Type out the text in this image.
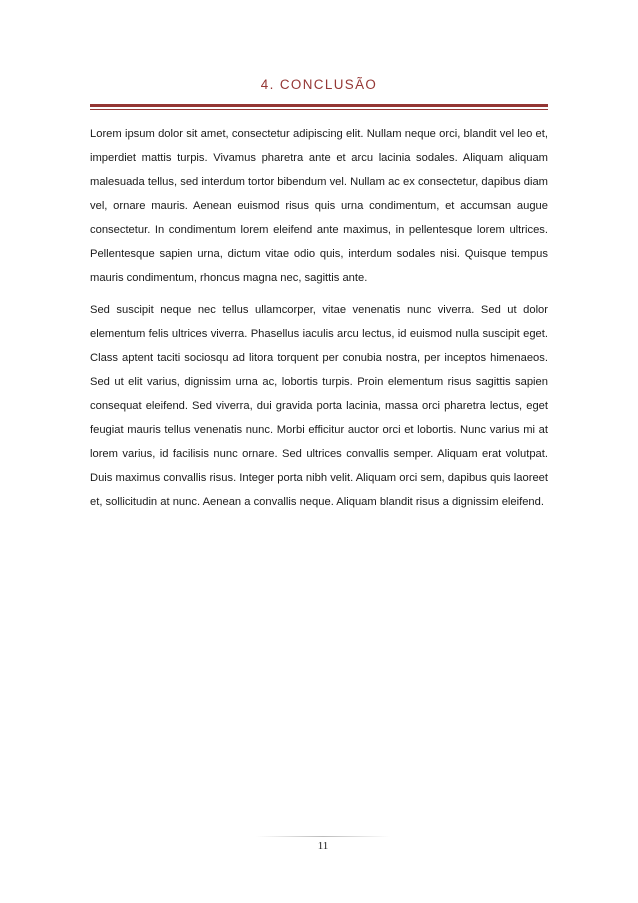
4. CONCLUSÃO

Lorem ipsum dolor sit amet, consectetur adipiscing elit. Nullam neque orci, blandit vel leo et, imperdiet mattis turpis. Vivamus pharetra ante et arcu lacinia sodales. Aliquam aliquam malesuada tellus, sed interdum tortor bibendum vel. Nullam ac ex consectetur, dapibus diam vel, ornare mauris. Aenean euismod risus quis urna condimentum, et accumsan augue consectetur. In condimentum lorem eleifend ante maximus, in pellentesque lorem ultrices. Pellentesque sapien urna, dictum vitae odio quis, interdum sodales nisi. Quisque tempus mauris condimentum, rhoncus magna nec, sagittis ante.

Sed suscipit neque nec tellus ullamcorper, vitae venenatis nunc viverra. Sed ut dolor elementum felis ultrices viverra. Phasellus iaculis arcu lectus, id euismod nulla suscipit eget. Class aptent taciti sociosqu ad litora torquent per conubia nostra, per inceptos himenaeos. Sed ut elit varius, dignissim urna ac, lobortis turpis. Proin elementum risus sagittis sapien consequat eleifend. Sed viverra, dui gravida porta lacinia, massa orci pharetra lectus, eget feugiat mauris tellus venenatis nunc. Morbi efficitur auctor orci et lobortis. Nunc varius mi at lorem varius, id facilisis nunc ornare. Sed ultrices convallis semper. Aliquam erat volutpat. Duis maximus convallis risus. Integer porta nibh velit. Aliquam orci sem, dapibus quis laoreet et, sollicitudin at nunc. Aenean a convallis neque. Aliquam blandit risus a dignissim eleifend.

11
